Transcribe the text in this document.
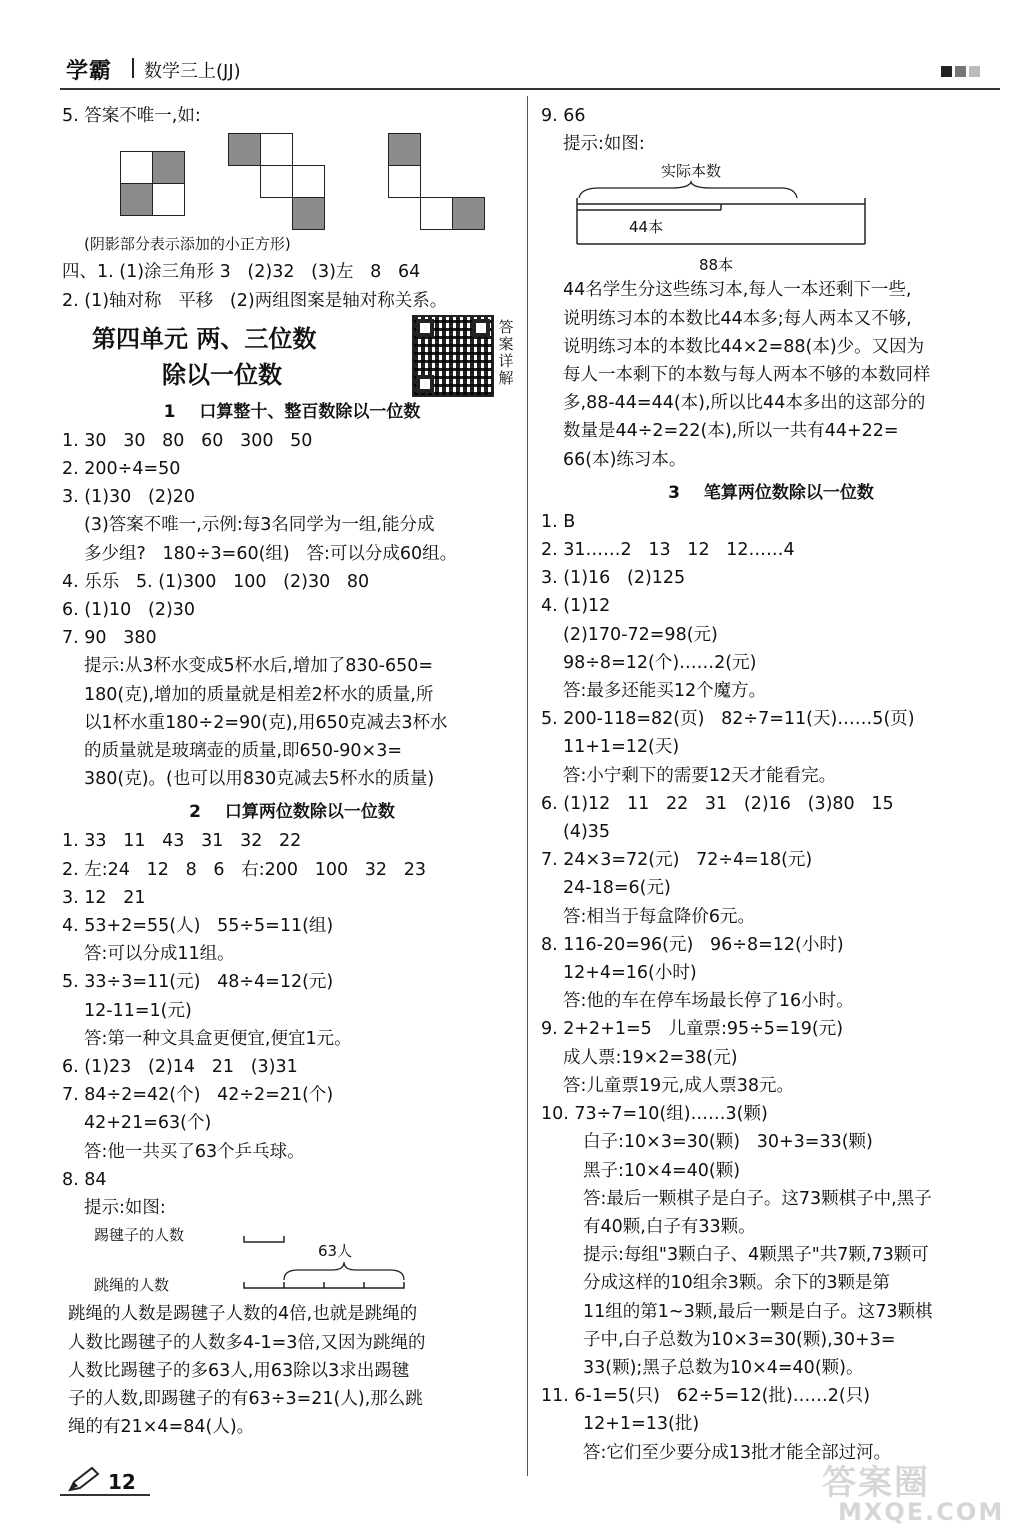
学霸 数学三上(JJ)
5. 答案不唯一,如:
(阴影部分表示添加的小正方形)
四、1. (1)涂三角形 3   (2)32   (3)左   8   64
2. (1)轴对称   平移   (2)两组图案是轴对称关系。
第四单元 两、三位数
除以一位数
答
案
详
解
1 口算整十、整百数除以一位数
1. 30   30   80   60   300   50
2. 200÷4=50
3. (1)30   (2)20
(3)答案不唯一,示例:每3名同学为一组,能分成
多少组?   180÷3=60(组)   答:可以分成60组。
4. 乐乐   5. (1)300   100   (2)30   80
6. (1)10   (2)30
7. 90   380
提示:从3杯水变成5杯水后,增加了830-650=
180(克),增加的质量就是相差2杯水的质量,所
以1杯水重180÷2=90(克),用650克减去3杯水
的质量就是玻璃壶的质量,即650-90×3=
380(克)。(也可以用830克减去5杯水的质量)
2 口算两位数除以一位数
1. 33   11   43   31   32   22
2. 左:24   12   8   6   右:200   100   32   23
3. 12   21
4. 53+2=55(人)   55÷5=11(组)
答:可以分成11组。
5. 33÷3=11(元)   48÷4=12(元)
12-11=1(元)
答:第一种文具盒更便宜,便宜1元。
6. (1)23   (2)14   21   (3)31
7. 84÷2=42(个)   42÷2=21(个)
42+21=63(个)
答:他一共买了63个乒乓球。
8. 84
提示:如图:
踢毽子的人数
63人
跳绳的人数
跳绳的人数是踢毽子人数的4倍,也就是跳绳的
人数比踢毽子的人数多4-1=3倍,又因为跳绳的
人数比踢毽子的多63人,用63除以3求出踢毽
子的人数,即踢毽子的有63÷3=21(人),那么跳
绳的有21×4=84(人)。
9. 66
提示:如图:
实际本数
44本
88本
44名学生分这些练习本,每人一本还剩下一些,
说明练习本的本数比44本多;每人两本又不够,
说明练习本的本数比44×2=88(本)少。又因为
每人一本剩下的本数与每人两本不够的本数同样
多,88-44=44(本),所以比44本多出的这部分的
数量是44÷2=22(本),所以一共有44+22=
66(本)练习本。
3 笔算两位数除以一位数
1. B
2. 31……2   13   12   12……4
3. (1)16   (2)125
4. (1)12
(2)170-72=98(元)
98÷8=12(个)……2(元)
答:最多还能买12个魔方。
5. 200-118=82(页)   82÷7=11(天)……5(页)
11+1=12(天)
答:小宁剩下的需要12天才能看完。
6. (1)12   11   22   31   (2)16   (3)80   15
(4)35
7. 24×3=72(元)   72÷4=18(元)
24-18=6(元)
答:相当于每盒降价6元。
8. 116-20=96(元)   96÷8=12(小时)
12+4=16(小时)
答:他的车在停车场最长停了16小时。
9. 2+2+1=5   儿童票:95÷5=19(元)
成人票:19×2=38(元)
答:儿童票19元,成人票38元。
10. 73÷7=10(组)……3(颗)
白子:10×3=30(颗)   30+3=33(颗)
黑子:10×4=40(颗)
答:最后一颗棋子是白子。这73颗棋子中,黑子
有40颗,白子有33颗。
提示:每组"3颗白子、4颗黑子"共7颗,73颗可
分成这样的10组余3颗。余下的3颗是第
11组的第1~3颗,最后一颗是白子。这73颗棋
子中,白子总数为10×3=30(颗),30+3=
33(颗);黑子总数为10×4=40(颗)。
11. 6-1=5(只)   62÷5=12(批)……2(只)
12+1=13(批)
答:它们至少要分成13批才能全部过河。
12	答案圈
MXQE.COM
